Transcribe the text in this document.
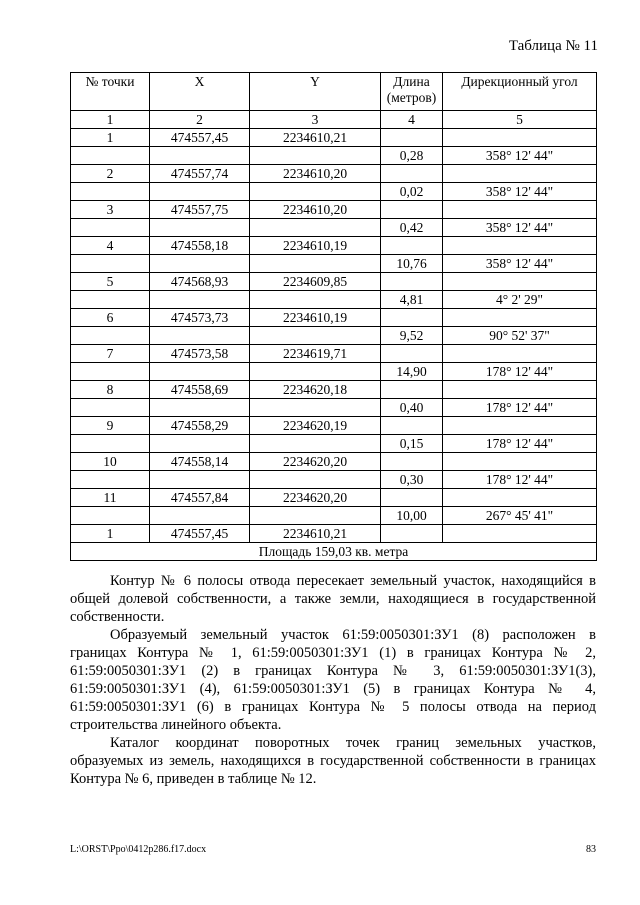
Таблица № 11
№ точки	X	Y	Длина (метров)	Дирекционный угол
1	2	3	4	5
1	474557,45	2234610,21		
			0,28	358° 12' 44"
2	474557,74	2234610,20		
			0,02	358° 12' 44"
3	474557,75	2234610,20		
			0,42	358° 12' 44"
4	474558,18	2234610,19		
			10,76	358° 12' 44"
5	474568,93	2234609,85		
			4,81	4° 2' 29"
6	474573,73	2234610,19		
			9,52	90° 52' 37"
7	474573,58	2234619,71		
			14,90	178° 12' 44"
8	474558,69	2234620,18		
			0,40	178° 12' 44"
9	474558,29	2234620,19		
			0,15	178° 12' 44"
10	474558,14	2234620,20		
			0,30	178° 12' 44"
11	474557,84	2234620,20		
			10,00	267° 45' 41"
1	474557,45	2234610,21		
Площадь 159,03 кв. метра				

Контур № 6 полосы отвода пересекает земельный участок, находящийся в общей долевой собственности, а также земли, находящиеся в государственной собственности.

Образуемый земельный участок 61:59:0050301:ЗУ1 (8) расположен в границах Контура № 1, 61:59:0050301:ЗУ1 (1) в границах Контура № 2, 61:59:0050301:ЗУ1 (2) в границах Контура № 3, 61:59:0050301:ЗУ1(3), 61:59:0050301:ЗУ1 (4), 61:59:0050301:ЗУ1 (5) в границах Контура № 4, 61:59:0050301:ЗУ1 (6) в границах Контура № 5 полосы отвода на период строительства линейного объекта.

Каталог координат поворотных точек границ земельных участков, образуемых из земель, находящихся в государственной собственности в границах Контура № 6, приведен в таблице № 12.

L:\ORST\Ppo\0412p286.f17.docx	83
